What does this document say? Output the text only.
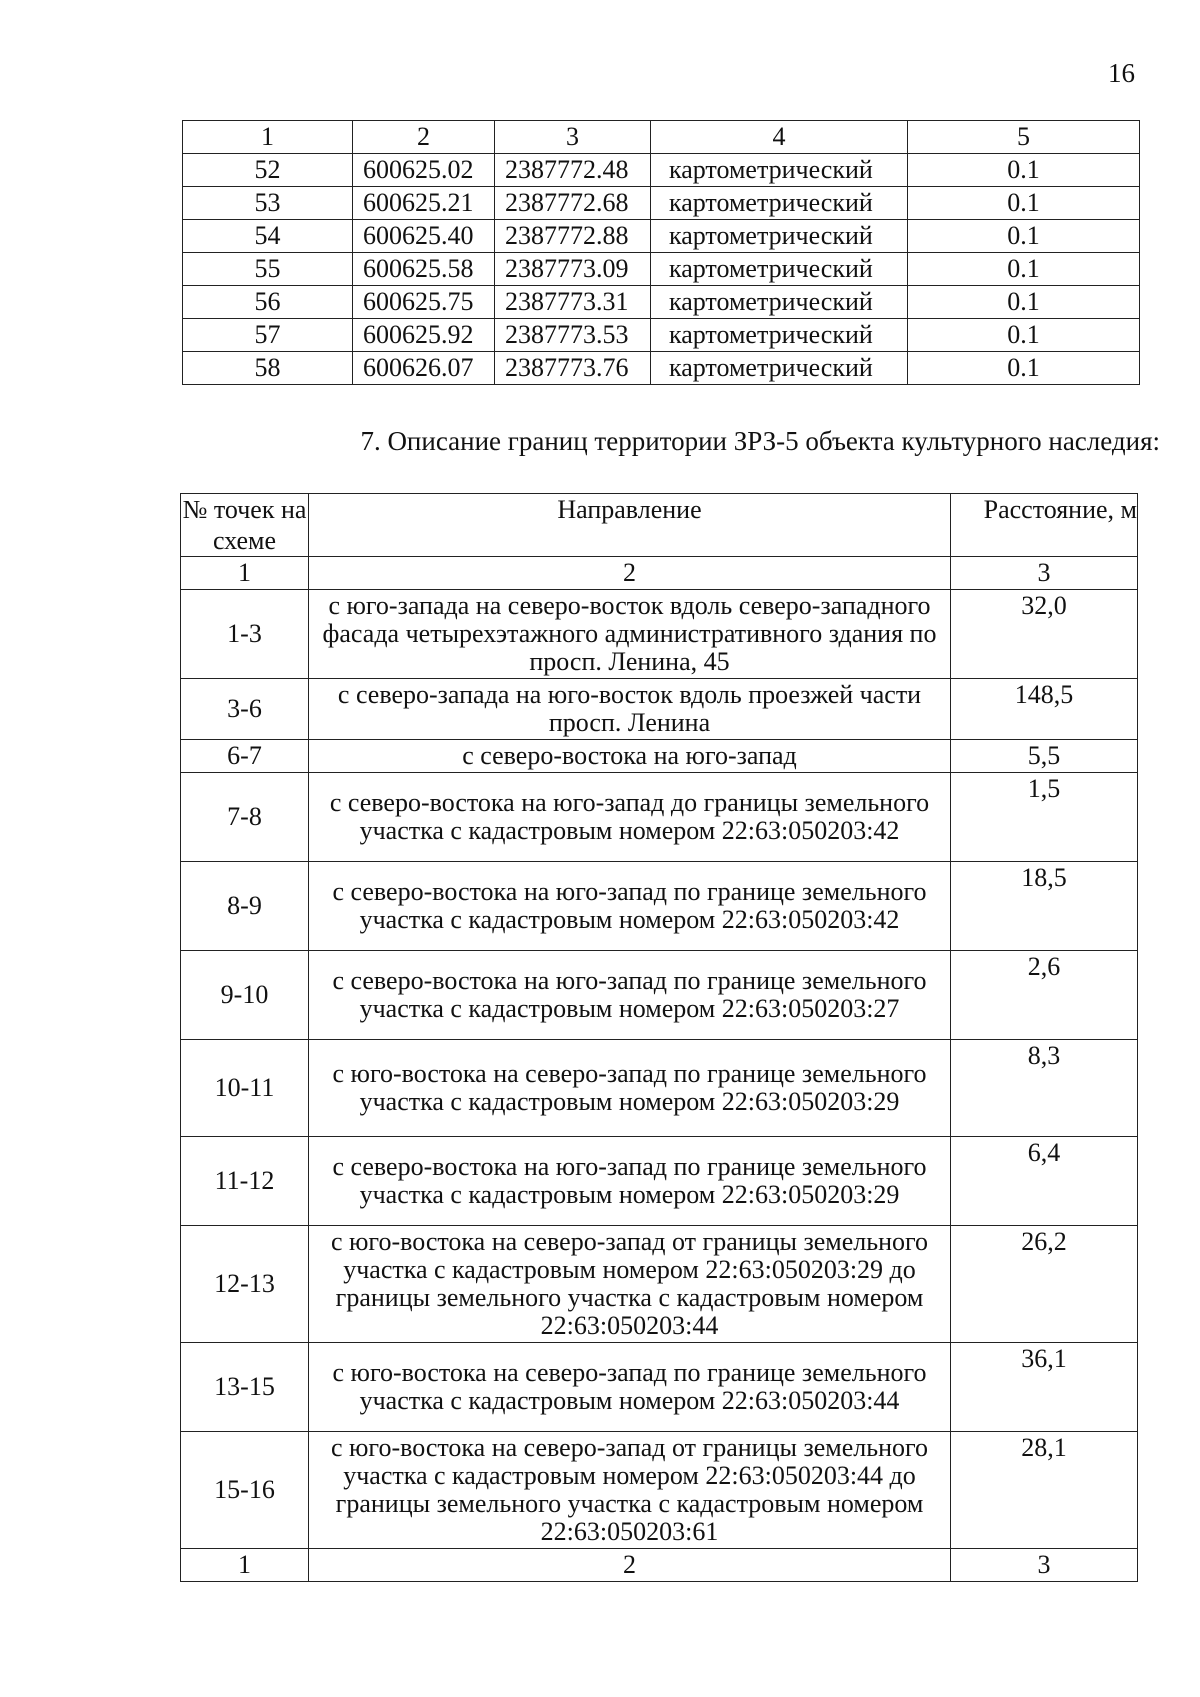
16
1	2	3	4	5
52	600625.02	2387772.48	картометрический	0.1
53	600625.21	2387772.68	картометрический	0.1
54	600625.40	2387772.88	картометрический	0.1
55	600625.58	2387773.09	картометрический	0.1
56	600625.75	2387773.31	картометрический	0.1
57	600625.92	2387773.53	картометрический	0.1
58	600626.07	2387773.76	картометрический	0.1
7. Описание границ территории ЗРЗ-5 объекта культурного наследия:
№ точек на схеме	Направление	Расстояние, м
1	2	3
1-3	с юго-запада на северо-восток вдоль северо-западного фасада четырехэтажного административного здания по просп. Ленина, 45	32,0
3-6	с северо-запада на юго-восток вдоль проезжей части просп. Ленина	148,5
6-7	с северо-востока на юго-запад	5,5
7-8	с северо-востока на юго-запад до границы земельного участка с кадастровым номером 22:63:050203:42	1,5
8-9	с северо-востока на юго-запад по границе земельного участка с кадастровым номером 22:63:050203:42	18,5
9-10	с северо-востока на юго-запад по границе земельного участка с кадастровым номером 22:63:050203:27	2,6
10-11	с юго-востока на северо-запад по границе земельного участка с кадастровым номером 22:63:050203:29	8,3
11-12	с северо-востока на юго-запад по границе земельного участка с кадастровым номером 22:63:050203:29	6,4
12-13	с юго-востока на северо-запад от границы земельного участка с кадастровым номером 22:63:050203:29 до границы земельного участка с кадастровым номером 22:63:050203:44	26,2
13-15	с юго-востока на северо-запад по границе земельного участка с кадастровым номером 22:63:050203:44	36,1
15-16	с юго-востока на северо-запад от границы земельного участка с кадастровым номером 22:63:050203:44 до границы земельного участка с кадастровым номером 22:63:050203:61	28,1
1	2	3
